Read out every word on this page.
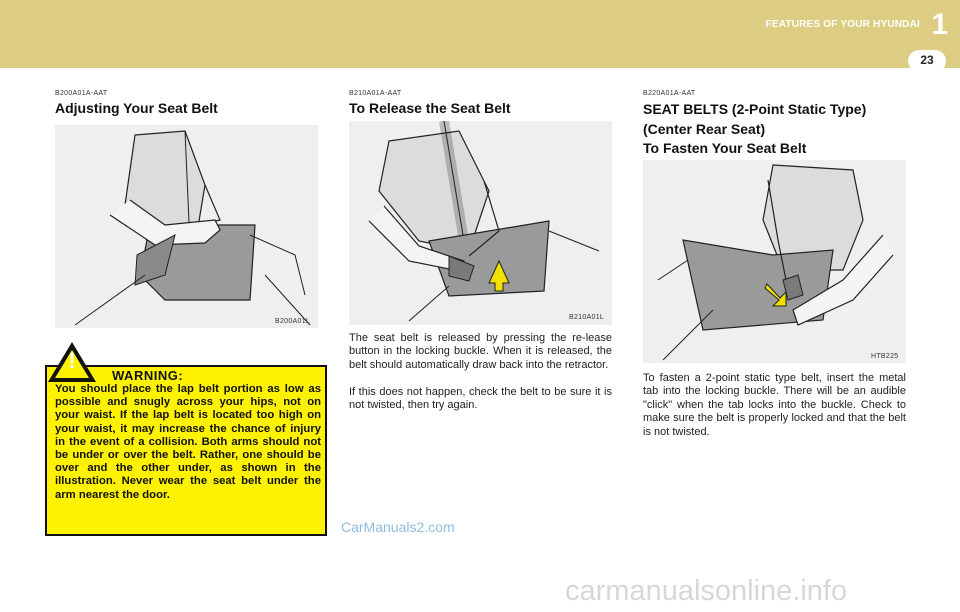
FEATURES OF YOUR HYUNDAI 1
23
B200A01A-AAT
Adjusting Your Seat Belt
B200A01L
!
WARNING:
You should place the lap belt portion as low as possible and snugly across your hips, not on your waist. If the lap belt is located too high on your waist, it may increase the chance of injury in the event of a collision. Both arms should not be under or over the belt. Rather, one should be over and the other under, as shown in the illustration. Never wear the seat belt under the arm nearest the door.
B210A01A-AAT
To Release the Seat Belt
B210A01L
The seat belt is released by pressing the re-lease button in the locking buckle. When it is released, the belt should automatically draw back into the retractor.
If this does not happen, check the belt to be sure it is not twisted, then try again.
B220A01A-AAT
SEAT BELTS (2-Point Static Type)
(Center Rear Seat)
To Fasten Your Seat Belt
HTB225
To fasten a 2-point static type belt, insert the metal tab into the locking buckle. There will be an audible "click" when the tab locks into the buckle. Check to make sure the belt is properly locked and that the belt is not twisted.
CarManuals2.com
carmanualsonline.info
